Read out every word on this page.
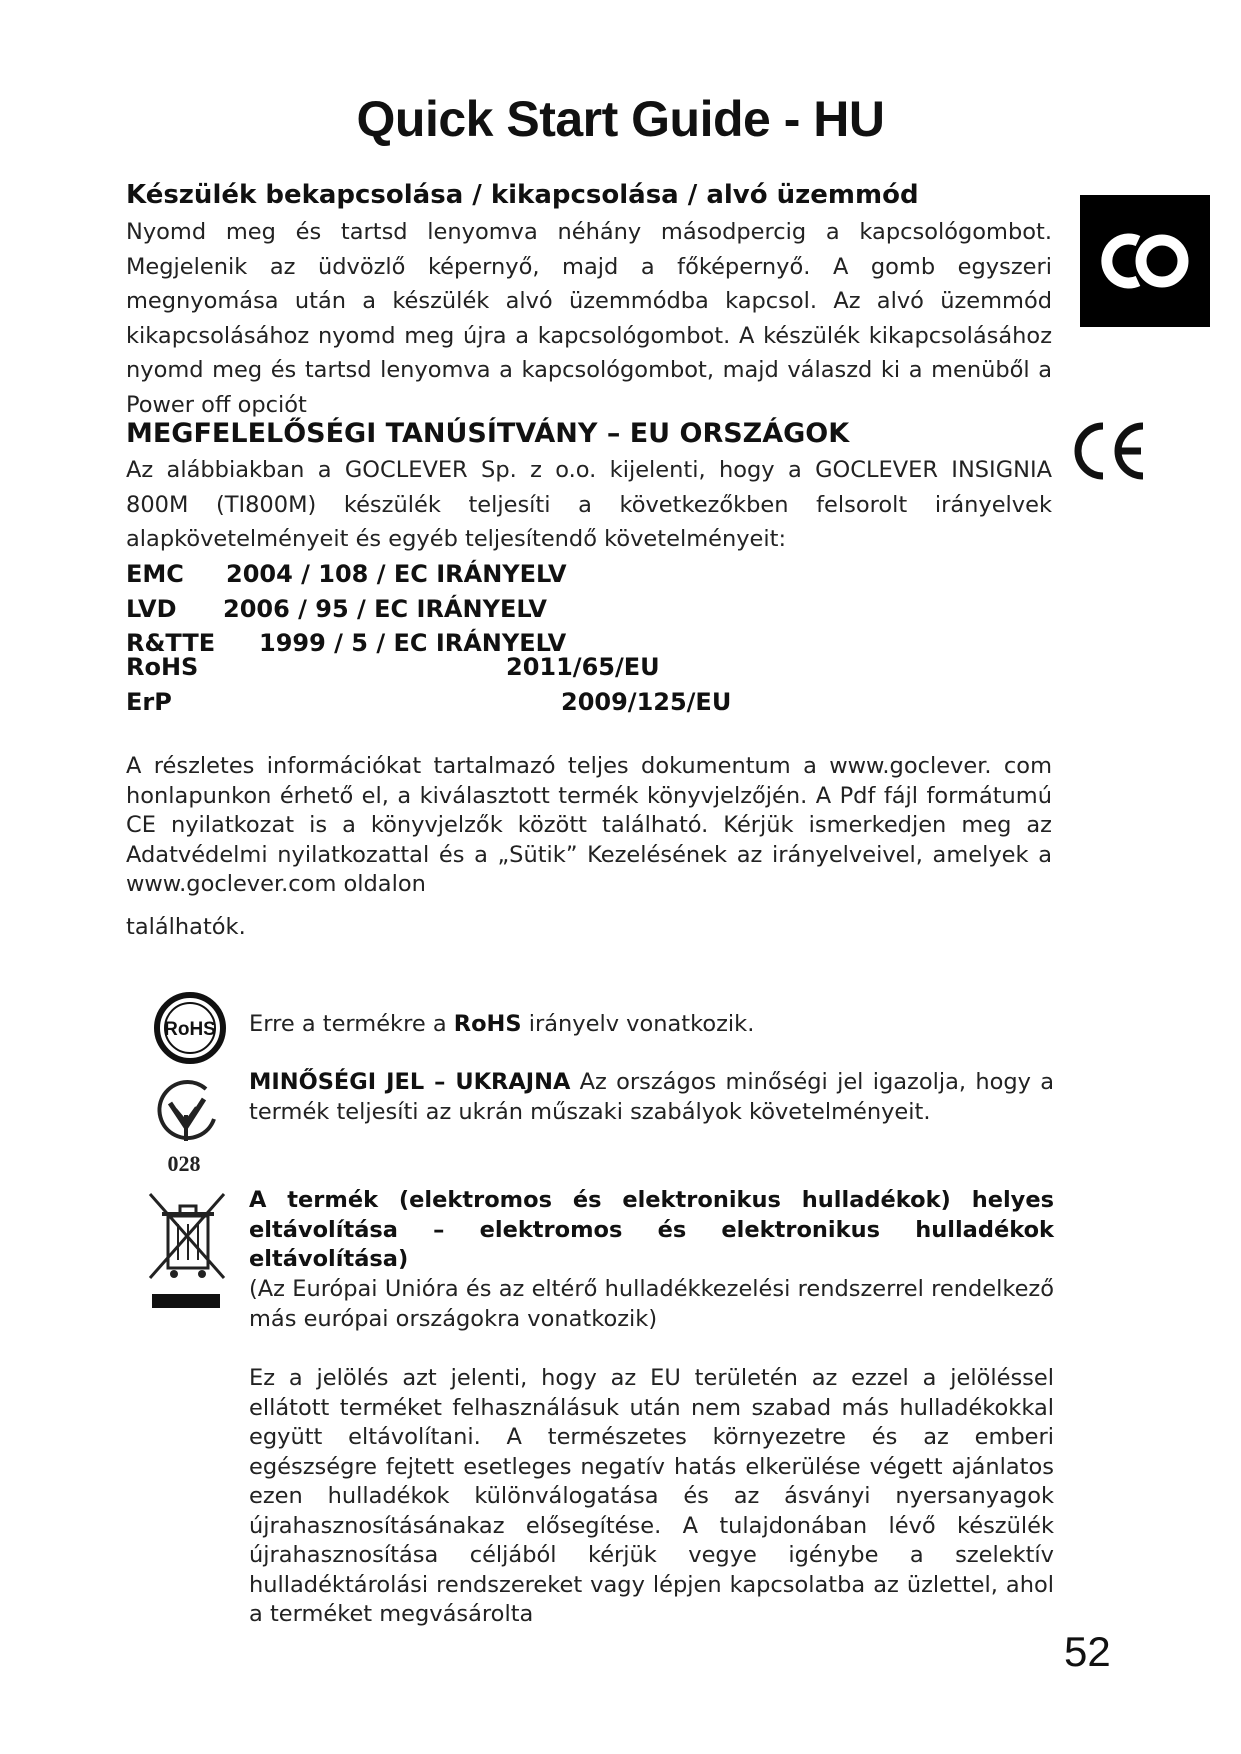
Quick Start Guide - HU
Készülék bekapcsolása / kikapcsolása / alvó üzemmód
Nyomd meg és tartsd lenyomva néhány másodpercig a kapcsológombot. Megjelenik az üdvözlő képernyő, majd a főképernyő. A gomb egyszeri megnyomása után a készülék alvó üzemmódba kapcsol. Az alvó üzemmód kikapcsolásához nyomd meg újra a kapcsológombot. A készülék kikapcsolásához nyomd meg és tartsd lenyomva a kapcsológombot, majd válaszd ki a menüből a Power off opciót
MEGFELELŐSÉGI TANÚSÍTVÁNY – EU ORSZÁGOK
Az alábbiakban a GOCLEVER Sp. z o.o. kijelenti, hogy a GOCLEVER INSIGNIA 800M (TI800M) készülék teljesíti a következőkben felsorolt irányelvek alapkövetelményeit és egyéb teljesítendő követelményeit:
EMC 2004 / 108 / EC IRÁNYELV
LVD 2006 / 95 / EC IRÁNYELV
R&TTE 1999 / 5 / EC IRÁNYELV
RoHS	2011/65/EU
ErP	2009/125/EU
A részletes információkat tartalmazó teljes dokumentum a www.goclever. com honlapunkon érhető el, a kiválasztott termék könyvjelzőjén. A Pdf fájl formátumú CE nyilatkozat is a könyvjelzők között található. Kérjük ismerkedjen meg az Adatvédelmi nyilatkozattal és a „Sütik” Kezelésének az irányelveivel, amelyek a www.goclever.com oldalon
találhatók.
RoHS Erre a termékre a RoHS irányelv vonatkozik.
028
MINŐSÉGI JEL – UKRAJNA Az országos minőségi jel igazolja, hogy a termék teljesíti az ukrán műszaki szabályok követelményeit.
A termék (elektromos és elektronikus hulladékok) helyes eltávolítása – elektromos és elektronikus hulladékok eltávolítása)
(Az Európai Unióra és az eltérő hulladékkezelési rendszerrel rendelkező más európai országokra vonatkozik)
Ez a jelölés azt jelenti, hogy az EU területén az ezzel a jelöléssel ellátott terméket felhasználásuk után nem szabad más hulladékokkal együtt eltávolítani. A természetes környezetre és az emberi egészségre fejtett esetleges negatív hatás elkerülése végett ajánlatos ezen hulladékok különválogatása és az ásványi nyersanyagok újrahasznosításánakaz elősegítése. A tulajdonában lévő készülék újrahasznosítása céljából kérjük vegye igénybe a szelektív hulladéktárolási rendszereket vagy lépjen kapcsolatba az üzlettel, ahol a terméket megvásárolta
52
